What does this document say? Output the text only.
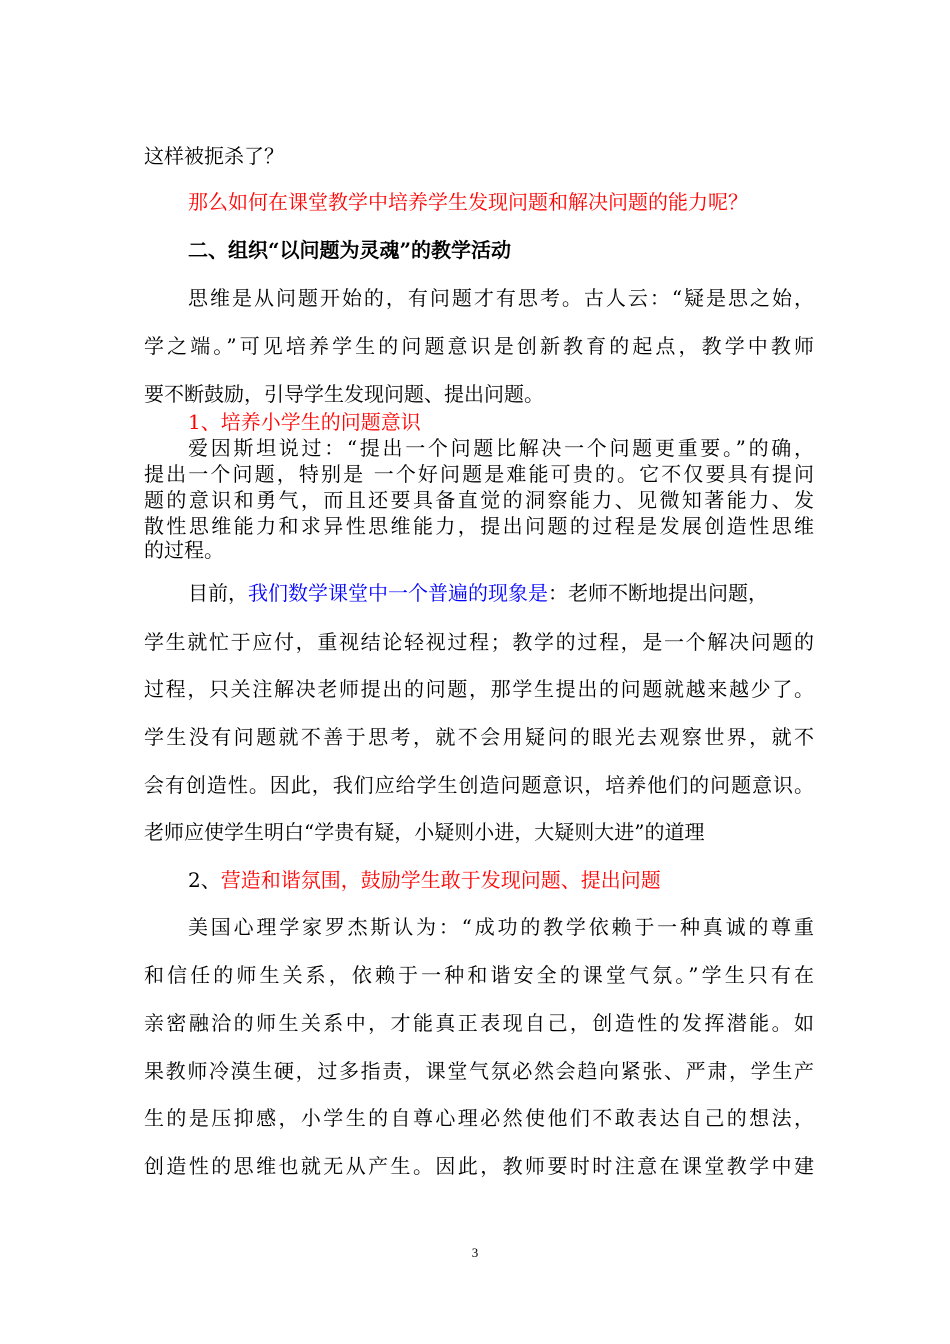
这样被扼杀了？
那么如何在课堂教学中培养学生发现问题和解决问题的能力呢？
二、组织“以问题为灵魂”的教学活动
思维是从问题开始的，有问题才有思考。古人云：“疑是思之始，
学之端。”可见培养学生的问题意识是创新教育的起点，教学中教师
要不断鼓励，引导学生发现问题、提出问题。
1、培养小学生的问题意识
爱因斯坦说过：“提出一个问题比解决一个问题更重要。”的确，
提出一个问题，特别是 一个好问题是难能可贵的。它不仅要具有提问
题的意识和勇气，而且还要具备直觉的洞察能力、见微知著能力、发
散性思维能力和求异性思维能力，提出问题的过程是发展创造性思维
的过程。
目前，我们数学课堂中一个普遍的现象是：老师不断地提出问题，
学生就忙于应付，重视结论轻视过程；教学的过程，是一个解决问题的
过程，只关注解决老师提出的问题，那学生提出的问题就越来越少了。
学生没有问题就不善于思考，就不会用疑问的眼光去观察世界，就不
会有创造性。因此，我们应给学生创造问题意识，培养他们的问题意识。
老师应使学生明白“学贵有疑，小疑则小进，大疑则大进”的道理
2、营造和谐氛围，鼓励学生敢于发现问题、提出问题
美国心理学家罗杰斯认为：“成功的教学依赖于一种真诚的尊重
和信任的师生关系，依赖于一种和谐安全的课堂气氛。”学生只有在
亲密融洽的师生关系中，才能真正表现自己，创造性的发挥潜能。如
果教师冷漠生硬，过多指责，课堂气氛必然会趋向紧张、严肃，学生产
生的是压抑感，小学生的自尊心理必然使他们不敢表达自己的想法，
创造性的思维也就无从产生。因此，教师要时时注意在课堂教学中建
3
